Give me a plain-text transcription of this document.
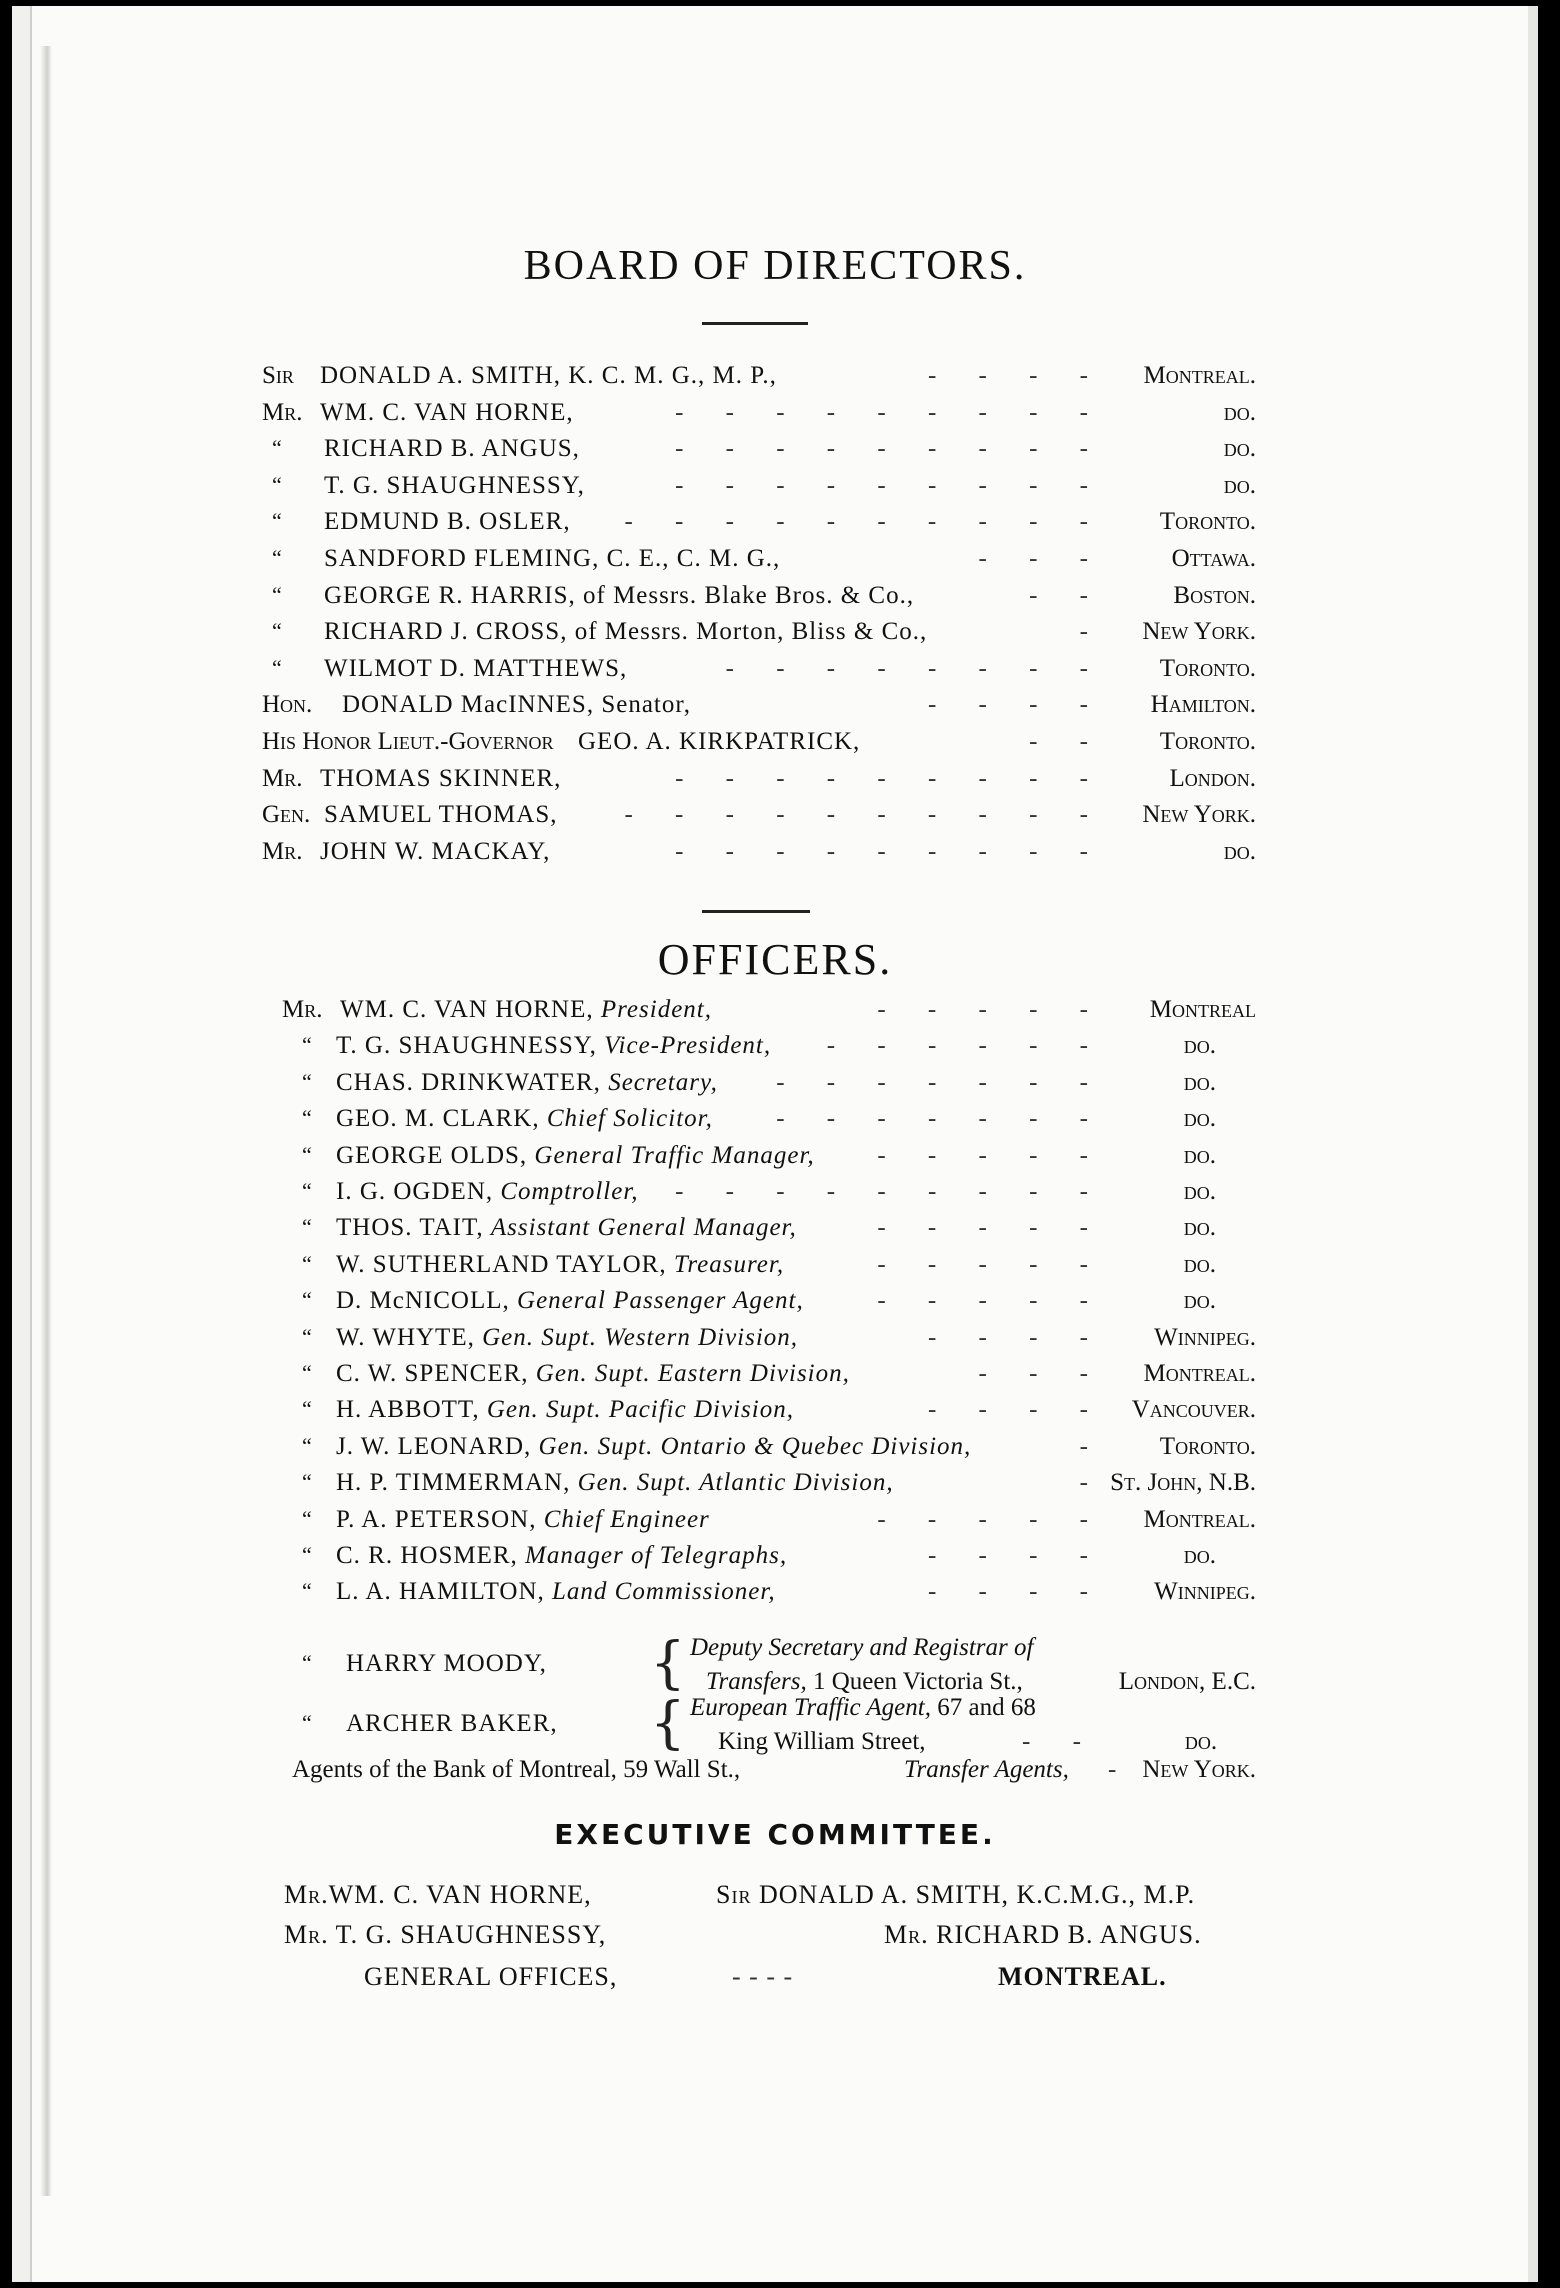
BOARD OF DIRECTORS.
Sir DONALD A. SMITH, K. C. M. G., M. P.,	- - - - Montreal.
Mr. WM. C. VAN HORNE,	- - - - - - - - -	do.
“ RICHARD B. ANGUS,	- - - - - - - - -	do.
“ T. G. SHAUGHNESSY,	- - - - - - - - -	do.
“ EDMUND B. OSLER, - - - - - - - - - - Toronto.
“ SANDFORD FLEMING, C. E., C. M. G.,	- - -	Ottawa.
“ GEORGE R. HARRIS, of Messrs. Blake Bros. & Co.,	- -	Boston.
“ RICHARD J. CROSS, of Messrs. Morton, Bliss & Co.,	- New York.
“ WILMOT D. MATTHEWS,	- - - - - - - - Toronto.
Hon. DONALD MacINNES, Senator,	- - - - Hamilton.
His Honor Lieut.-Governor GEO. A. KIRKPATRICK,	- - Toronto.
Mr. THOMAS SKINNER,	- - - - - - - - -	London.
Gen. SAMUEL THOMAS,	- - - - - - - - - - New York.
Mr. JOHN W. MACKAY,	- - - - - - - - -	do.
OFFICERS.
Mr. WM. C. VAN HORNE, President,	- - - - - Montreal
“ T. G. SHAUGHNESSY, Vice-President, - - - - - -	do.
“ CHAS. DRINKWATER, Secretary, - - - - - - -	do.
“ GEO. M. CLARK, Chief Solicitor,	- - - - - - -	do.
“ GEORGE OLDS, General Traffic Manager,	- - - - -	do.
“ I. G. OGDEN, Comptroller, - - - - - - - - -	do.
“ THOS. TAIT, Assistant General Manager,	- - - - -	do.
“ W. SUTHERLAND TAYLOR, Treasurer,	- - - - -	do.
“ D. McNICOLL, General Passenger Agent,	- - - - -	do.
“ W. WHYTE, Gen. Supt. Western Division,	- - - - Winnipeg.
“ C. W. SPENCER, Gen. Supt. Eastern Division,	- - - Montreal.
“ H. ABBOTT, Gen. Supt. Pacific Division,	- - - - Vancouver.
“ J. W. LEONARD, Gen. Supt. Ontario & Quebec Division,	- Toronto.
“ H. P. TIMMERMAN, Gen. Supt. Atlantic Division,	- St. John, N.B.
“ P. A. PETERSON, Chief Engineer	- - - - - Montreal.
“ C. R. HOSMER, Manager of Telegraphs,	- - - -	do.
“ L. A. HAMILTON, Land Commissioner,	- - - - Winnipeg.
“ HARRY MOODY, { Deputy Secretary and Registrar of
Transfers, 1 Queen Victoria St.,	London, E.C.
“ ARCHER BAKER, { European Traffic Agent, 67 and 68
King William Street,	- -	do.
Agents of the Bank of Montreal, 59 Wall St.,	Transfer Agents, - New York.
EXECUTIVE COMMITTEE.
Mr.WM. C. VAN HORNE,	Sir DONALD A. SMITH, K.C.M.G., M.P.
Mr. T. G. SHAUGHNESSY,	Mr. RICHARD B. ANGUS.
GENERAL OFFICES,	- - - -	MONTREAL.
